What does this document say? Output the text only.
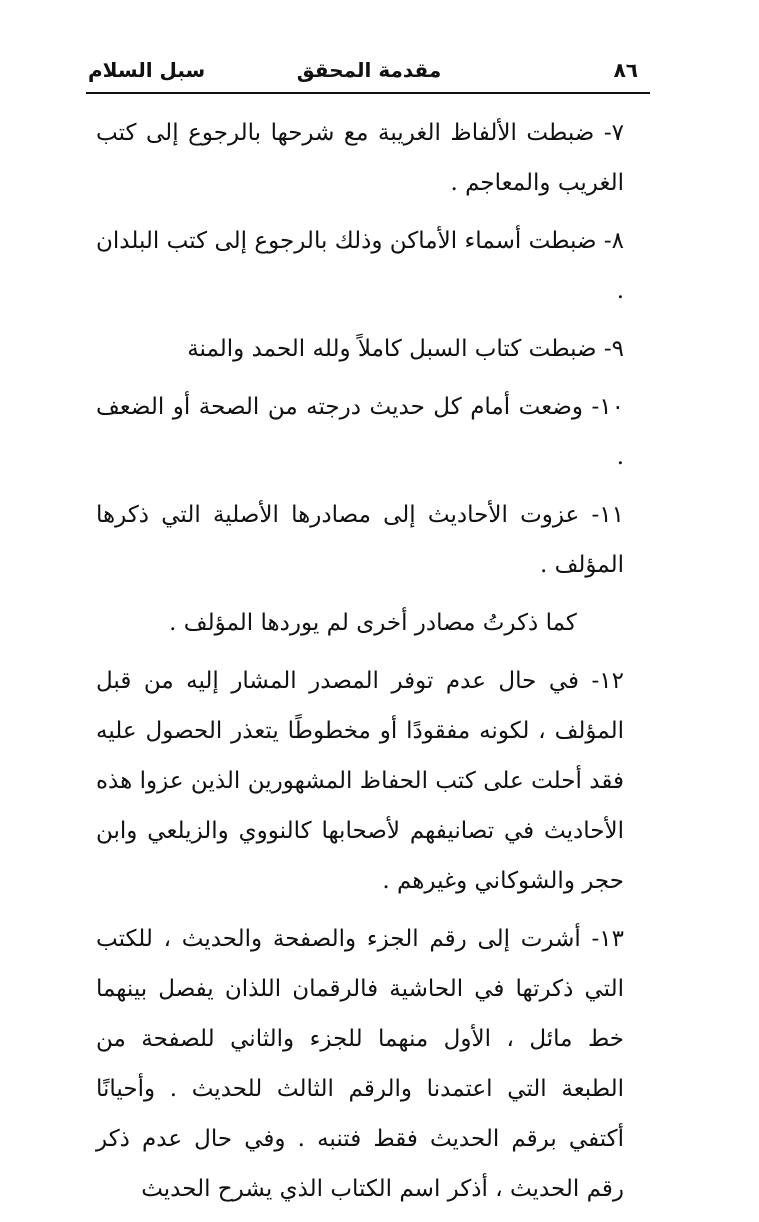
٨٦
مقدمة المحقق
سبل السلام

٧- ضبطت الألفاظ الغريبة مع شرحها بالرجوع إلى كتب الغريب والمعاجم .

٨- ضبطت أسماء الأماكن وذلك بالرجوع إلى كتب البلدان .

٩- ضبطت كتاب السبل كاملاً ولله الحمد والمنة

١٠- وضعت أمام كل حديث درجته من الصحة أو الضعف .

١١- عزوت الأحاديث إلى مصادرها الأصلية التي ذكرها المؤلف .

كما ذكرتُ مصادر أخرى لم يوردها المؤلف .

١٢- في حال عدم توفر المصدر المشار إليه من قبل المؤلف ، لكونه مفقودًا أو مخطوطًا يتعذر الحصول عليه فقد أحلت على كتب الحفاظ المشهورين الذين عزوا هذه الأحاديث في تصانيفهم لأصحابها كالنووي والزيلعي وابن حجر والشوكاني وغيرهم .

١٣- أشرت إلى رقم الجزء والصفحة والحديث ، للكتب التي ذكرتها في الحاشية فالرقمان اللذان يفصل بينهما خط مائل ، الأول منهما للجزء والثاني للصفحة من الطبعة التي اعتمدنا والرقم الثالث للحديث . وأحيانًا أكتفي برقم الحديث فقط فتنبه . وفي حال عدم ذكر رقم الحديث ، أذكر اسم الكتاب الذي يشرح الحديث
